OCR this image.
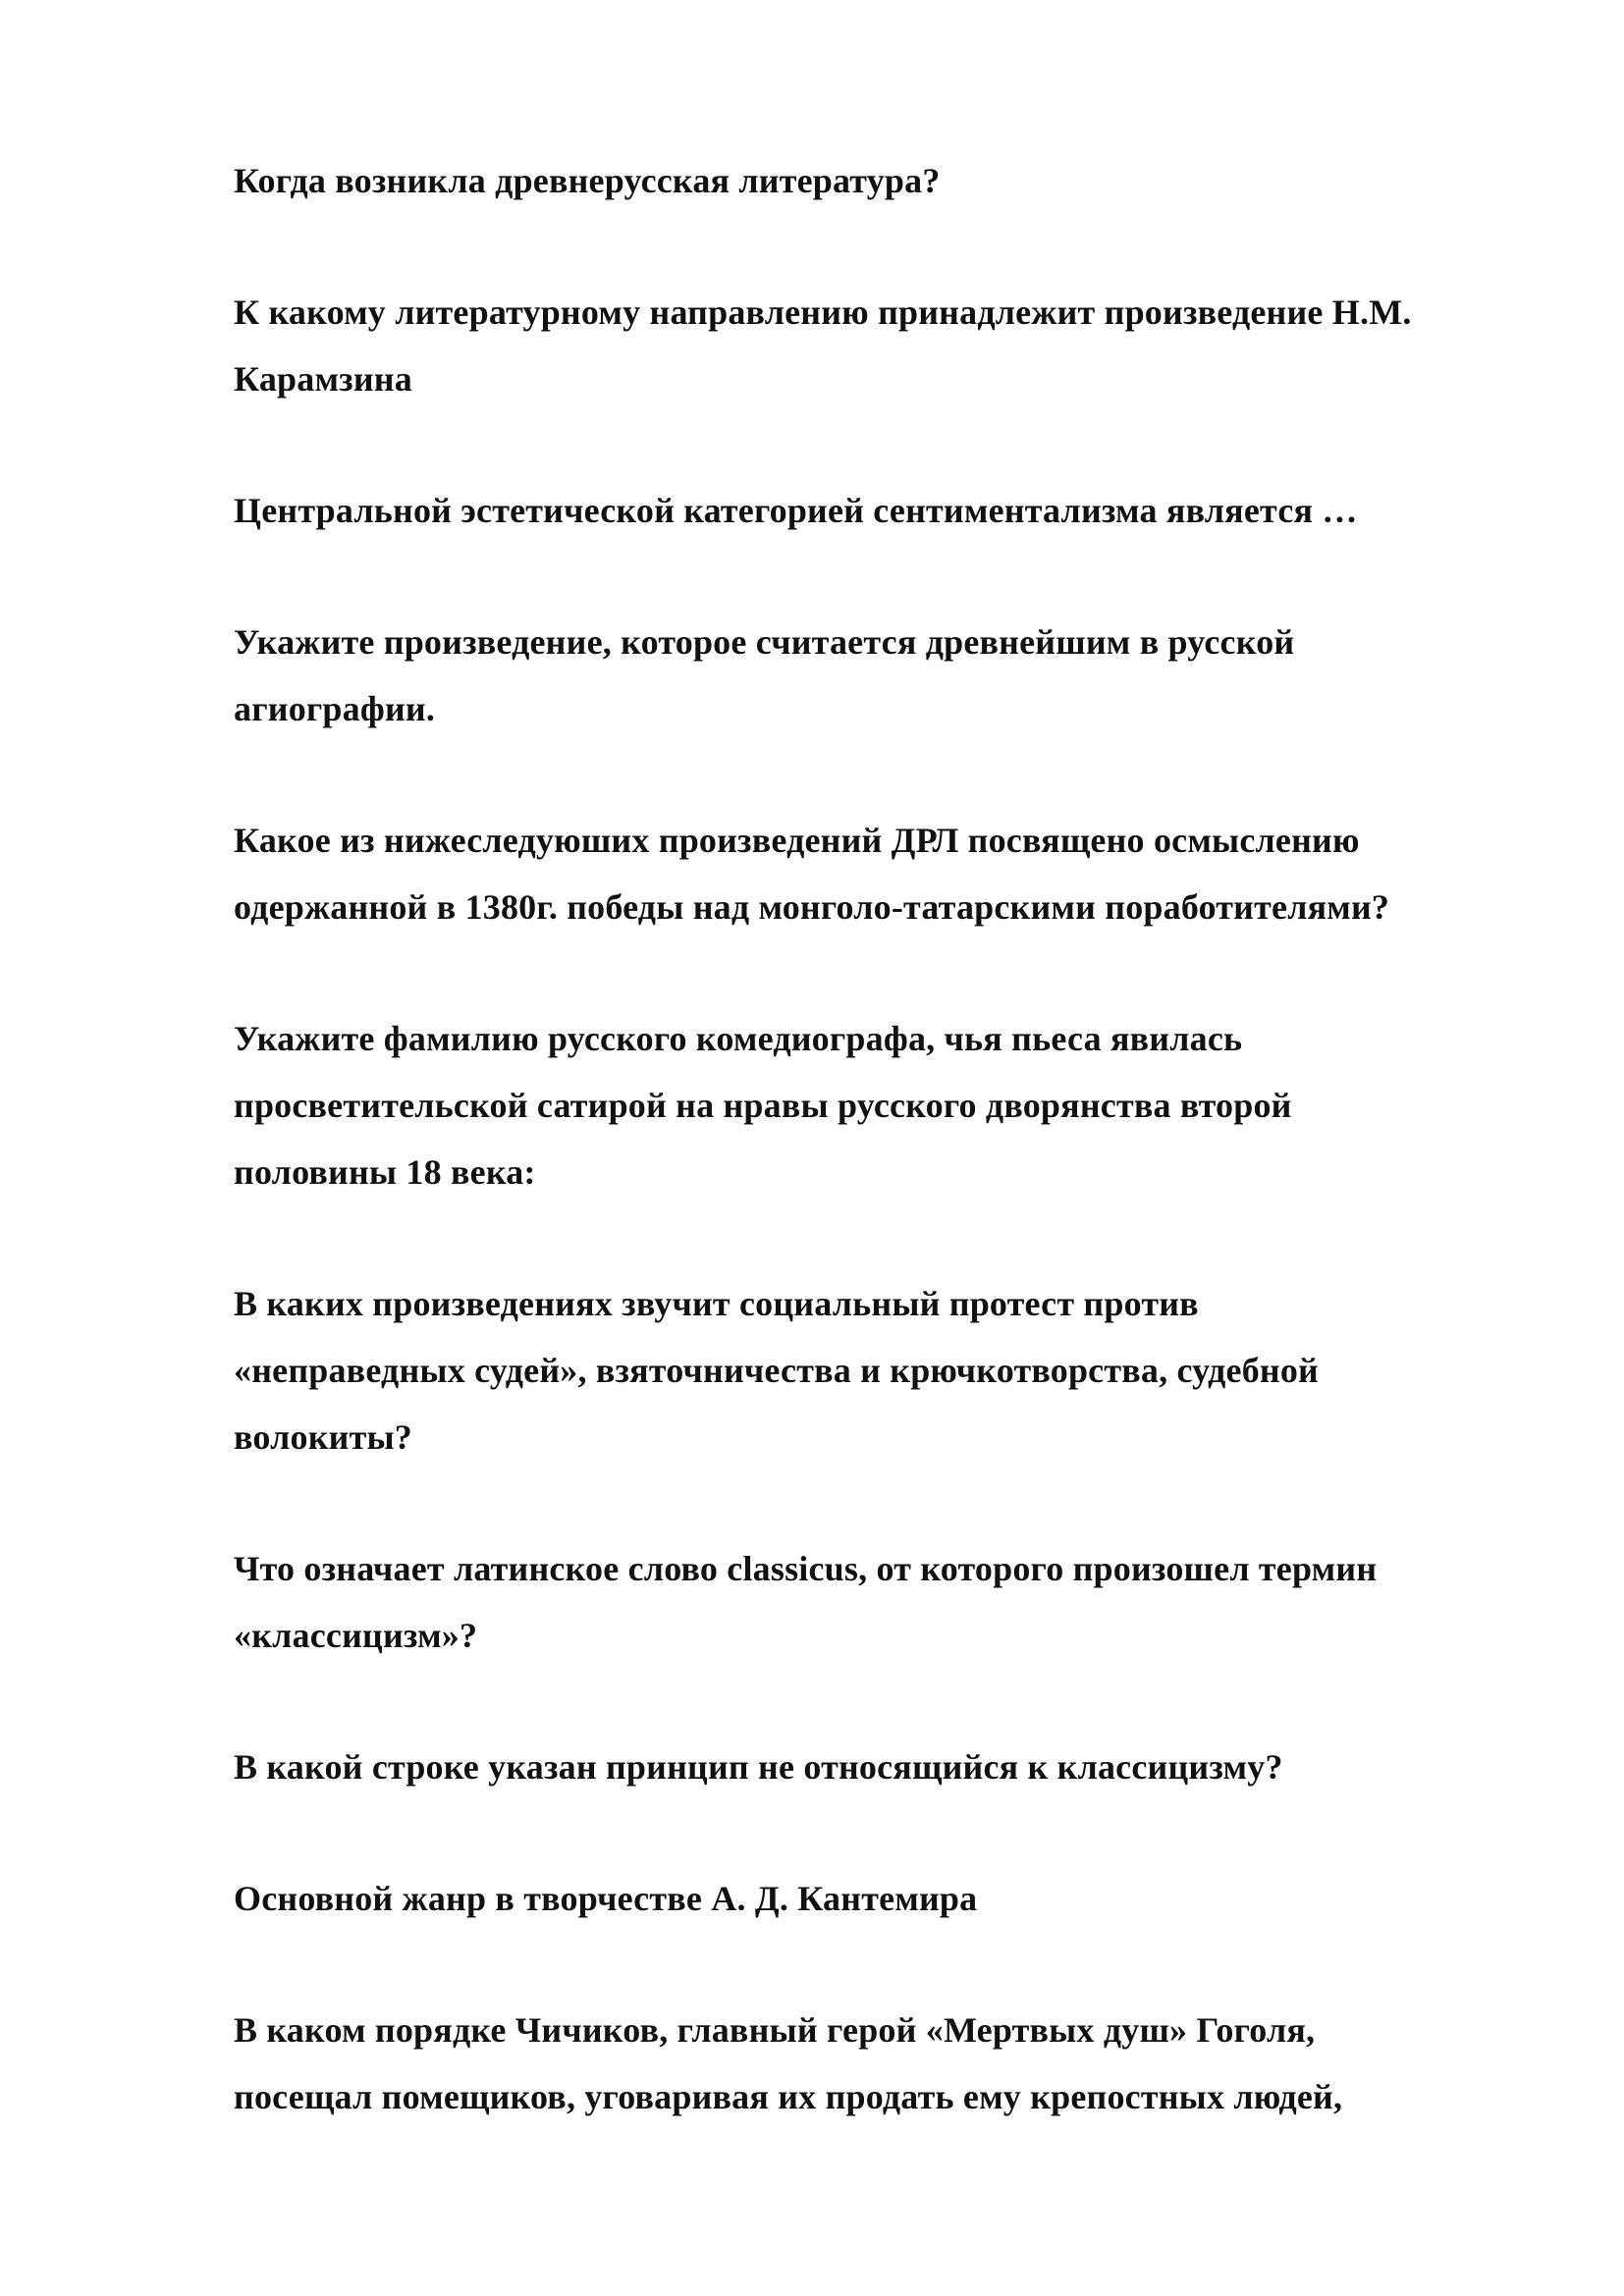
Когда возникла древнерусская литература?

К какому литературному направлению принадлежит произведение Н.М.
Карамзина

Центральной эстетической категорией сентиментализма является …

Укажите произведение, которое считается древнейшим в русской
агиографии.

Какое из нижеследуюших произведений ДРЛ посвящено осмыслению
одержанной в 1380г. победы над монголо-татарскими поработителями?

Укажите фамилию русского комедиографа, чья пьеса явилась
просветительской сатирой на нравы русского дворянства второй
половины 18 века:

В каких произведениях звучит социальный протест против
«неправедных судей», взяточничества и крючкотворства, судебной
волокиты?

Что означает латинское слово classicus, от которого произошел термин
«классицизм»?

В какой строке указан принцип не относящийся к классицизму?

Основной жанр в творчестве А. Д. Кантемира

В каком порядке Чичиков, главный герой «Мертвых душ» Гоголя,
посещал помещиков, уговаривая их продать ему крепостных людей,
